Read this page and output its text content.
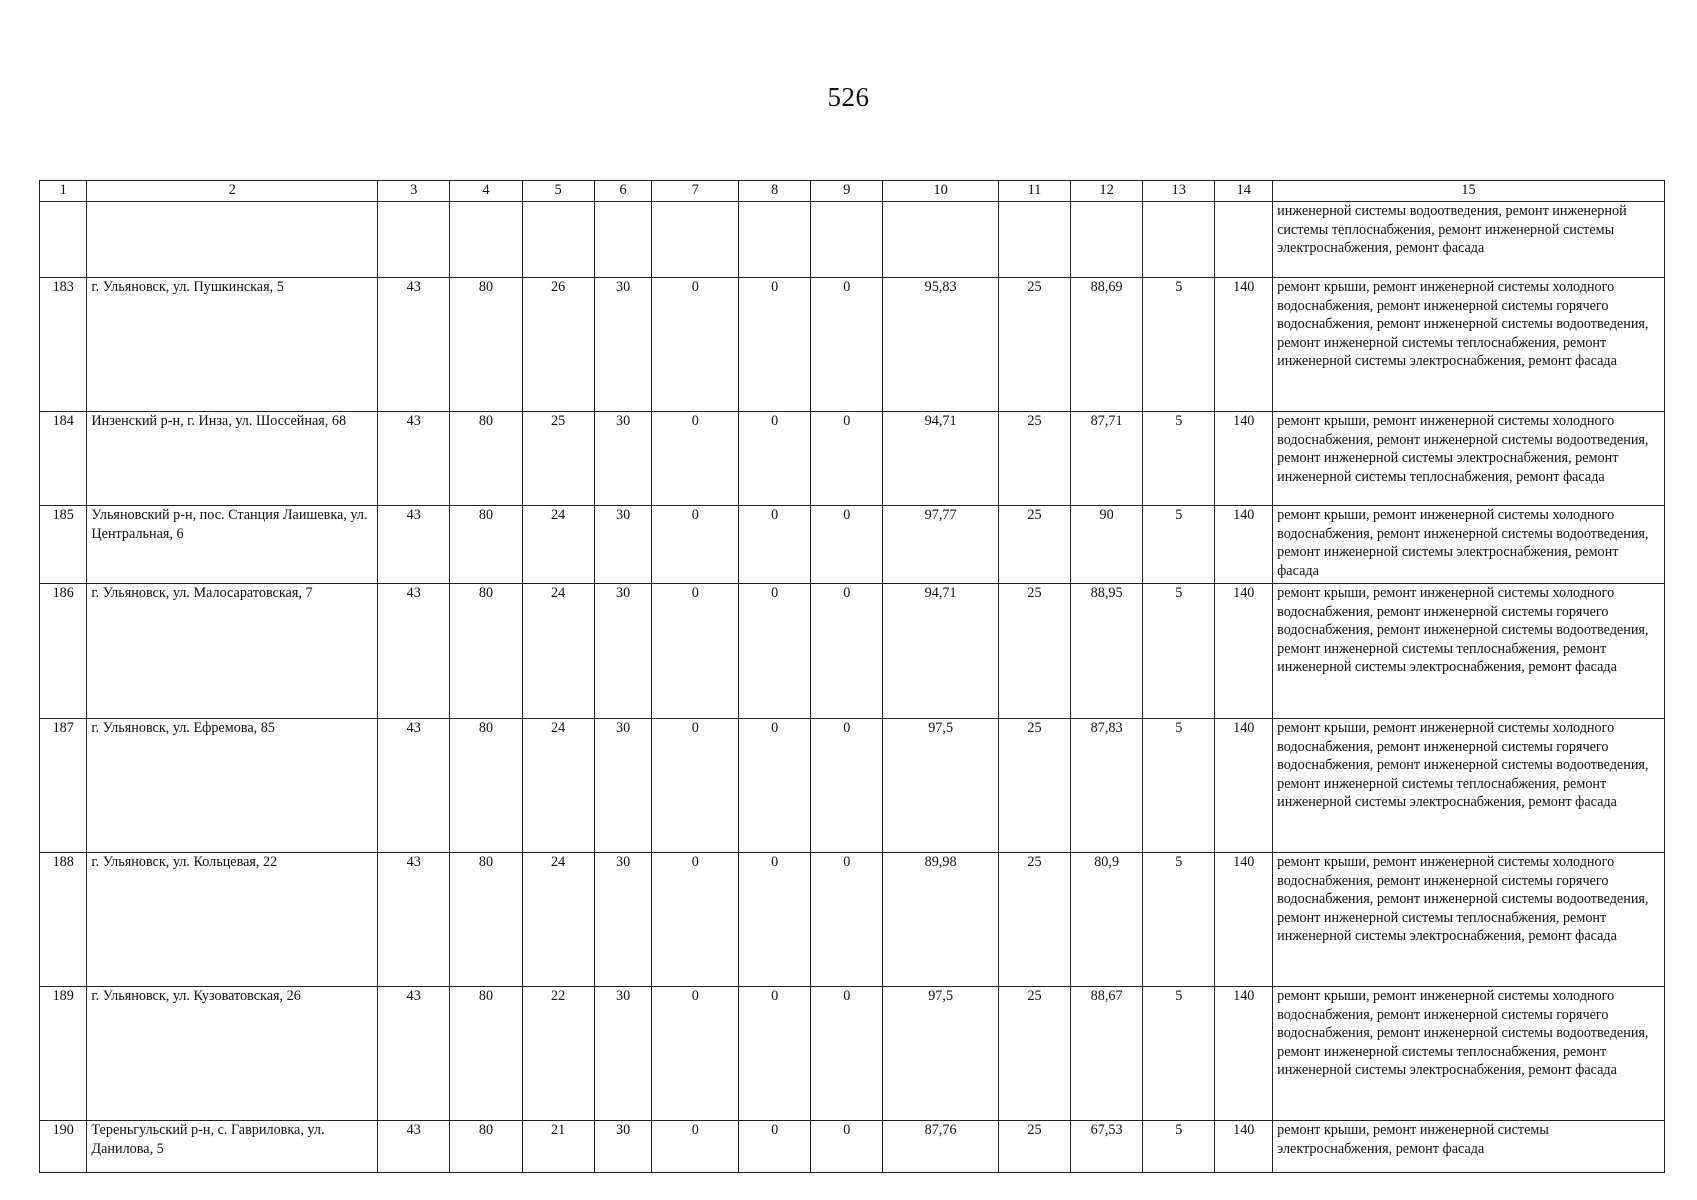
526
1	2	3	4	5	6	7	8	9	10	11	12	13	14	15
														инженерной системы водоотведения, ремонт инженерной системы теплоснабжения, ремонт инженерной системы электроснабжения, ремонт фасада
183	г. Ульяновск, ул. Пушкинская, 5	43	80	26	30	0	0	0	95,83	25	88,69	5	140	ремонт крыши, ремонт инженерной системы холодного водоснабжения, ремонт инженерной системы горячего водоснабжения, ремонт инженерной системы водоотведения, ремонт инженерной системы теплоснабжения, ремонт инженерной системы электроснабжения, ремонт фасада
184	Инзенский р-н, г. Инза, ул. Шоссейная, 68	43	80	25	30	0	0	0	94,71	25	87,71	5	140	ремонт крыши, ремонт инженерной системы холодного водоснабжения, ремонт инженерной системы водоотведения, ремонт инженерной системы электроснабжения, ремонт инженерной системы теплоснабжения, ремонт фасада
185	Ульяновский р-н, пос. Станция Лаишевка, ул. Центральная, 6	43	80	24	30	0	0	0	97,77	25	90	5	140	ремонт крыши, ремонт инженерной системы холодного водоснабжения, ремонт инженерной системы водоотведения, ремонт инженерной системы электроснабжения, ремонт фасада
186	г. Ульяновск, ул. Малосаратовская, 7	43	80	24	30	0	0	0	94,71	25	88,95	5	140	ремонт крыши, ремонт инженерной системы холодного водоснабжения, ремонт инженерной системы горячего водоснабжения, ремонт инженерной системы водоотведения, ремонт инженерной системы теплоснабжения, ремонт инженерной системы электроснабжения, ремонт фасада
187	г. Ульяновск, ул. Ефремова, 85	43	80	24	30	0	0	0	97,5	25	87,83	5	140	ремонт крыши, ремонт инженерной системы холодного водоснабжения, ремонт инженерной системы горячего водоснабжения, ремонт инженерной системы водоотведения, ремонт инженерной системы теплоснабжения, ремонт инженерной системы электроснабжения, ремонт фасада
188	г. Ульяновск, ул. Кольцевая, 22	43	80	24	30	0	0	0	89,98	25	80,9	5	140	ремонт крыши, ремонт инженерной системы холодного водоснабжения, ремонт инженерной системы горячего водоснабжения, ремонт инженерной системы водоотведения, ремонт инженерной системы теплоснабжения, ремонт инженерной системы электроснабжения, ремонт фасада
189	г. Ульяновск, ул. Кузоватовская, 26	43	80	22	30	0	0	0	97,5	25	88,67	5	140	ремонт крыши, ремонт инженерной системы холодного водоснабжения, ремонт инженерной системы горячего водоснабжения, ремонт инженерной системы водоотведения, ремонт инженерной системы теплоснабжения, ремонт инженерной системы электроснабжения, ремонт фасада
190	Тереньгульский р-н, с. Гавриловка, ул. Данилова, 5	43	80	21	30	0	0	0	87,76	25	67,53	5	140	ремонт крыши, ремонт инженерной системы электроснабжения, ремонт фасада
